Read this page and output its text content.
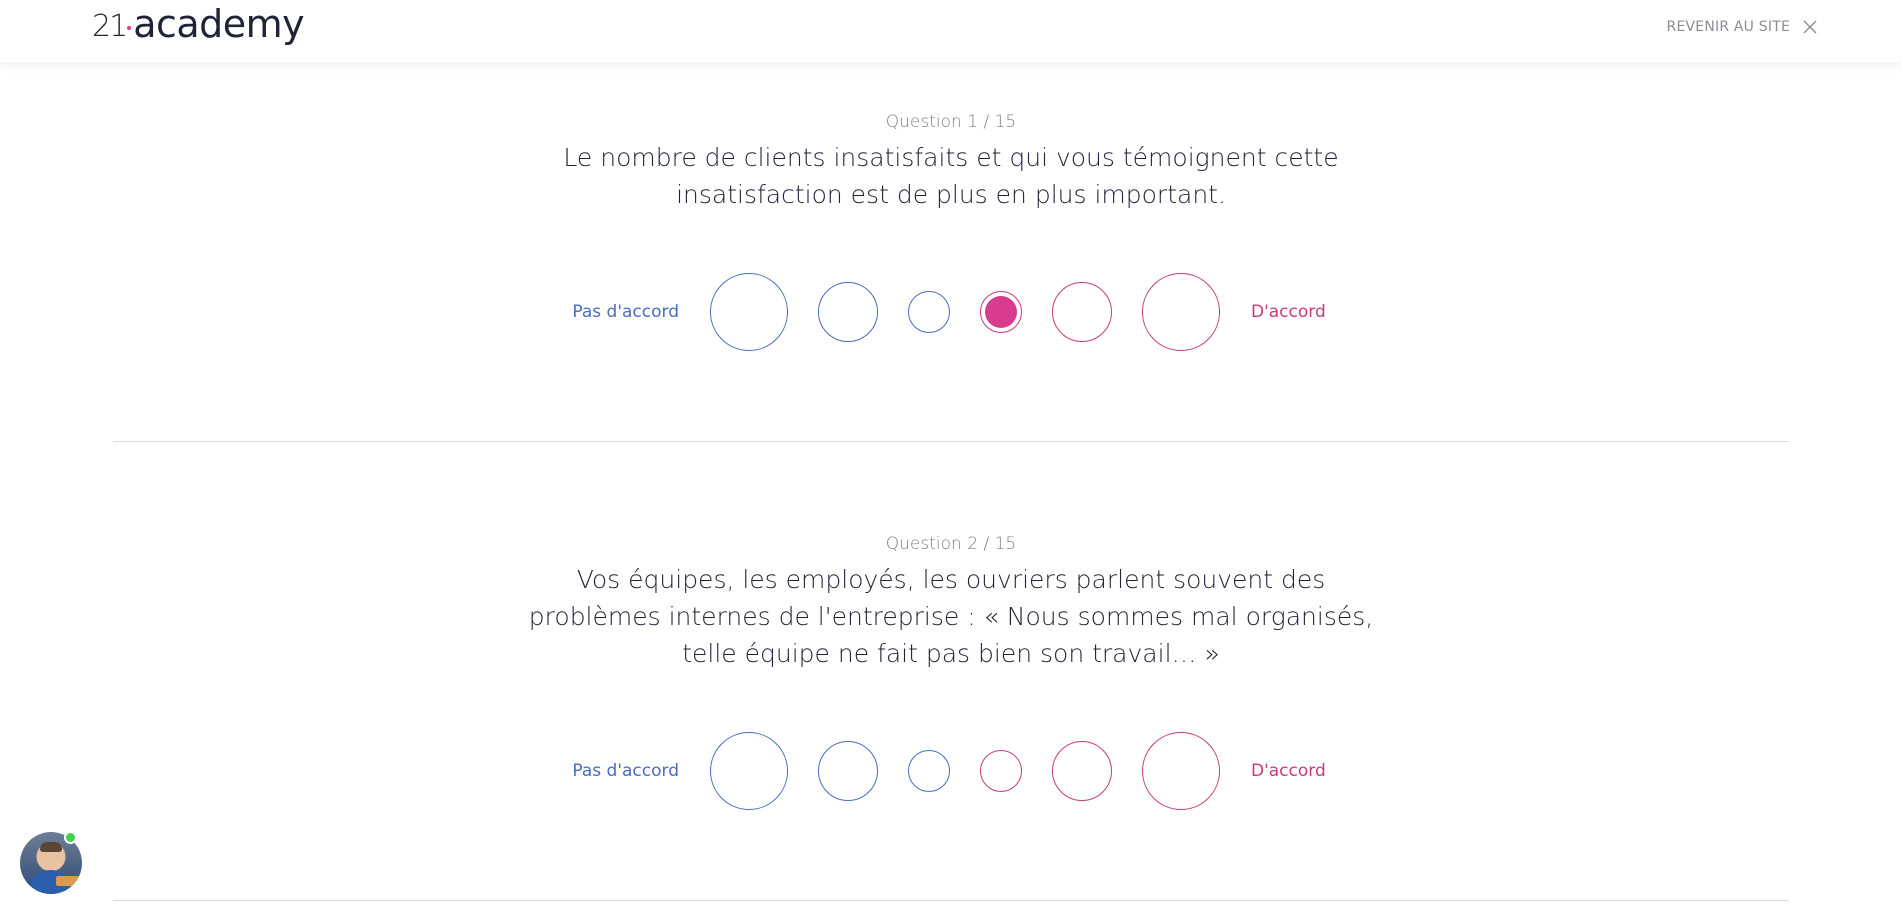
21 academy	REVENIR AU SITE
Question 1 / 15
Le nombre de clients insatisfaits et qui vous témoignent cette
insatisfaction est de plus en plus important.
Pas d'accord	D'accord
Question 2 / 15
Vos équipes, les employés, les ouvriers parlent souvent des
problèmes internes de l'entreprise : « Nous sommes mal organisés,
telle équipe ne fait pas bien son travail… »
Pas d'accord	D'accord
